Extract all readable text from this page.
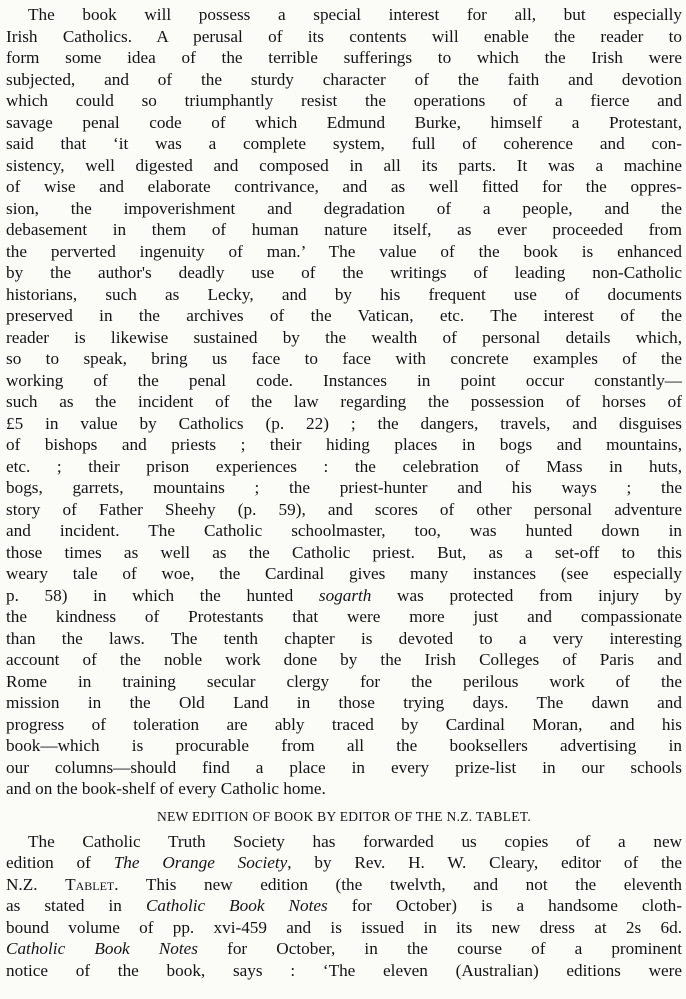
The book will possess a special interest for all, but especially
Irish Catholics. A perusal of its contents will enable the reader to
form some idea of the terrible sufferings to which the Irish were
subjected, and of the sturdy character of the faith and devotion
which could so triumphantly resist the operations of a fierce and
savage penal code of which Edmund Burke, himself a Protestant,
said that ‘it was a complete system, full of coherence and con-
sistency, well digested and composed in all its parts. It was a machine
of wise and elaborate contrivance, and as well fitted for the oppres-
sion, the impoverishment and degradation of a people, and the
debasement in them of human nature itself, as ever proceeded from
the perverted ingenuity of man.’ The value of the book is enhanced
by the author's deadly use of the writings of leading non-Catholic
historians, such as Lecky, and by his frequent use of documents
preserved in the archives of the Vatican, etc. The interest of the
reader is likewise sustained by the wealth of personal details which,
so to speak, bring us face to face with concrete examples of the
working of the penal code. Instances in point occur constantly—
such as the incident of the law regarding the possession of horses of
£5 in value by Catholics (p. 22) ; the dangers, travels, and disguises
of bishops and priests ; their hiding places in bogs and mountains,
etc. ; their prison experiences : the celebration of Mass in huts,
bogs, garrets, mountains ; the priest-hunter and his ways ; the
story of Father Sheehy (p. 59), and scores of other personal adventure
and incident. The Catholic schoolmaster, too, was hunted down in
those times as well as the Catholic priest. But, as a set-off to this
weary tale of woe, the Cardinal gives many instances (see especially
p. 58) in which the hunted sogarth was protected from injury by
the kindness of Protestants that were more just and compassionate
than the laws. The tenth chapter is devoted to a very interesting
account of the noble work done by the Irish Colleges of Paris and
Rome in training secular clergy for the perilous work of the
mission in the Old Land in those trying days. The dawn and
progress of toleration are ably traced by Cardinal Moran, and his
book—which is procurable from all the booksellers advertising in
our columns—should find a place in every prize-list in our schools
and on the book-shelf of every Catholic home.
NEW EDITION OF BOOK BY EDITOR OF THE N.Z. TABLET.
The Catholic Truth Society has forwarded us copies of a new
edition of The Orange Society, by Rev. H. W. Cleary, editor of the
N.Z. Tablet. This new edition (the twelvth, and not the eleventh
as stated in Catholic Book Notes for October) is a handsome cloth-
bound volume of pp. xvi-459 and is issued in its new dress at 2s 6d.
Catholic Book Notes for October, in the course of a prominent
notice of the book, says : ‘The eleven (Australian) editions were
